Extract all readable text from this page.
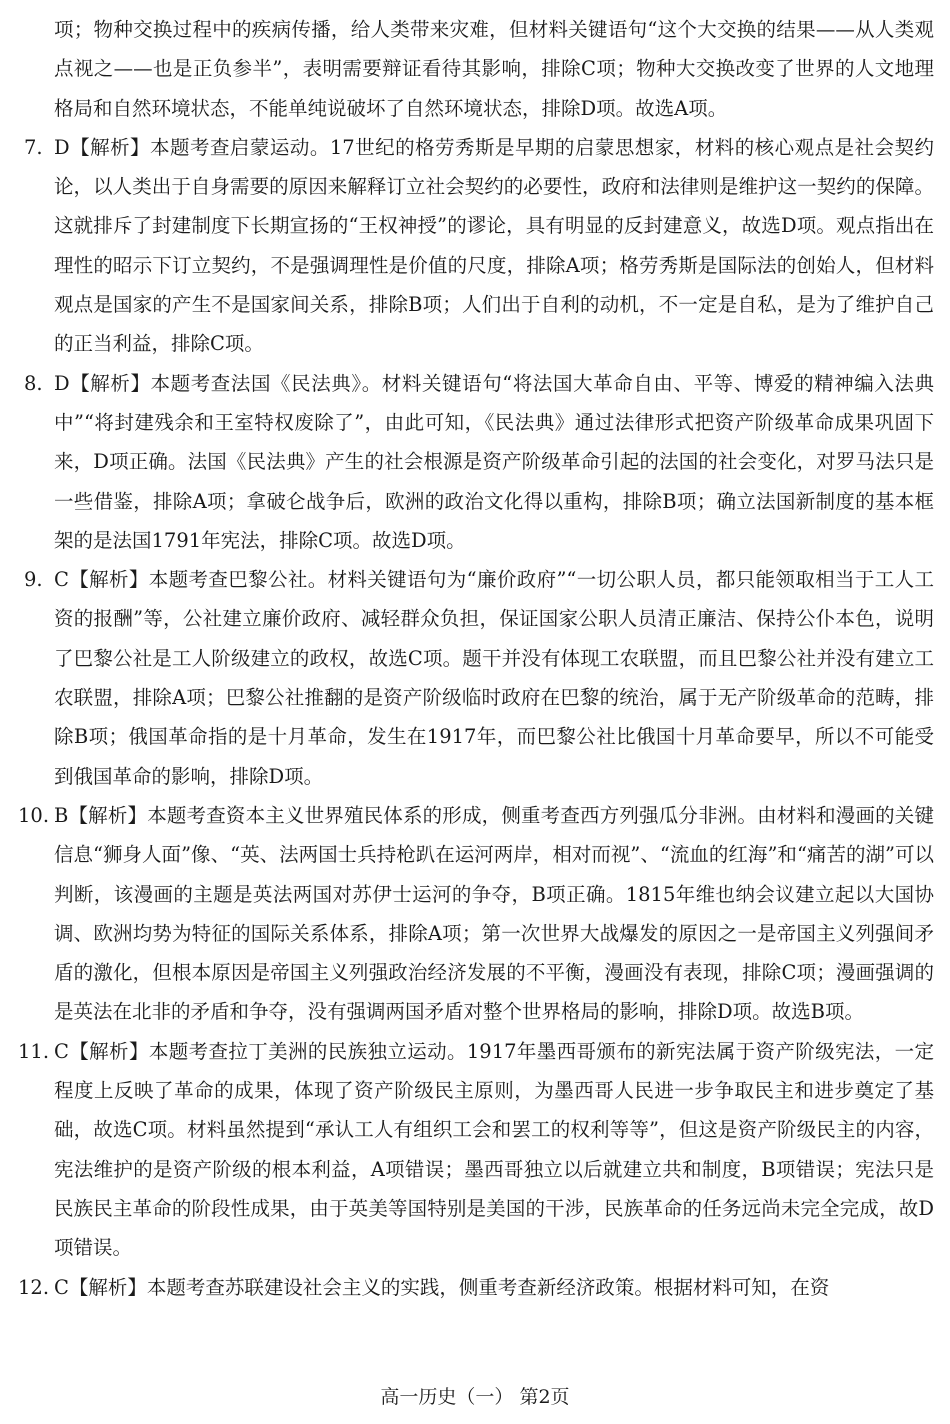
项；物种交换过程中的疾病传播，给人类带来灾难，但材料关键语句“这个大交换的结果——从人类观点视之——也是正负参半”，表明需要辩证看待其影响，排除C项；物种大交换改变了世界的人文地理格局和自然环境状态，不能单纯说破坏了自然环境状态，排除D项。故选A项。
7. D【解析】本题考查启蒙运动。17世纪的格劳秀斯是早期的启蒙思想家，材料的核心观点是社会契约论，以人类出于自身需要的原因来解释订立社会契约的必要性，政府和法律则是维护这一契约的保障。这就排斥了封建制度下长期宣扬的“王权神授”的谬论，具有明显的反封建意义，故选D项。观点指出在理性的昭示下订立契约，不是强调理性是价值的尺度，排除A项；格劳秀斯是国际法的创始人，但材料观点是国家的产生不是国家间关系，排除B项；人们出于自利的动机，不一定是自私，是为了维护自己的正当利益，排除C项。
8. D【解析】本题考查法国《民法典》。材料关键语句“将法国大革命自由、平等、博爱的精神编入法典中”“将封建残余和王室特权废除了”，由此可知，《民法典》通过法律形式把资产阶级革命成果巩固下来，D项正确。法国《民法典》产生的社会根源是资产阶级革命引起的法国的社会变化，对罗马法只是一些借鉴，排除A项；拿破仑战争后，欧洲的政治文化得以重构，排除B项；确立法国新制度的基本框架的是法国1791年宪法，排除C项。故选D项。
9. C【解析】本题考查巴黎公社。材料关键语句为“廉价政府”“一切公职人员，都只能领取相当于工人工资的报酬”等，公社建立廉价政府、减轻群众负担，保证国家公职人员清正廉洁、保持公仆本色，说明了巴黎公社是工人阶级建立的政权，故选C项。题干并没有体现工农联盟，而且巴黎公社并没有建立工农联盟，排除A项；巴黎公社推翻的是资产阶级临时政府在巴黎的统治，属于无产阶级革命的范畴，排除B项；俄国革命指的是十月革命，发生在1917年，而巴黎公社比俄国十月革命要早，所以不可能受到俄国革命的影响，排除D项。
10. B【解析】本题考查资本主义世界殖民体系的形成，侧重考查西方列强瓜分非洲。由材料和漫画的关键信息“狮身人面”像、“英、法两国士兵持枪趴在运河两岸，相对而视”、“流血的红海”和“痛苦的湖”可以判断，该漫画的主题是英法两国对苏伊士运河的争夺，B项正确。1815年维也纳会议建立起以大国协调、欧洲均势为特征的国际关系体系，排除A项；第一次世界大战爆发的原因之一是帝国主义列强间矛盾的激化，但根本原因是帝国主义列强政治经济发展的不平衡，漫画没有表现，排除C项；漫画强调的是英法在北非的矛盾和争夺，没有强调两国矛盾对整个世界格局的影响，排除D项。故选B项。
11. C【解析】本题考查拉丁美洲的民族独立运动。1917年墨西哥颁布的新宪法属于资产阶级宪法，一定程度上反映了革命的成果，体现了资产阶级民主原则，为墨西哥人民进一步争取民主和进步奠定了基础，故选C项。材料虽然提到“承认工人有组织工会和罢工的权利等等”，但这是资产阶级民主的内容，宪法维护的是资产阶级的根本利益，A项错误；墨西哥独立以后就建立共和制度，B项错误；宪法只是民族民主革命的阶段性成果，由于英美等国特别是美国的干涉，民族革命的任务远尚未完全完成，故D项错误。
12. C【解析】本题考查苏联建设社会主义的实践，侧重考查新经济政策。根据材料可知，在资
高一历史（一） 第2页
